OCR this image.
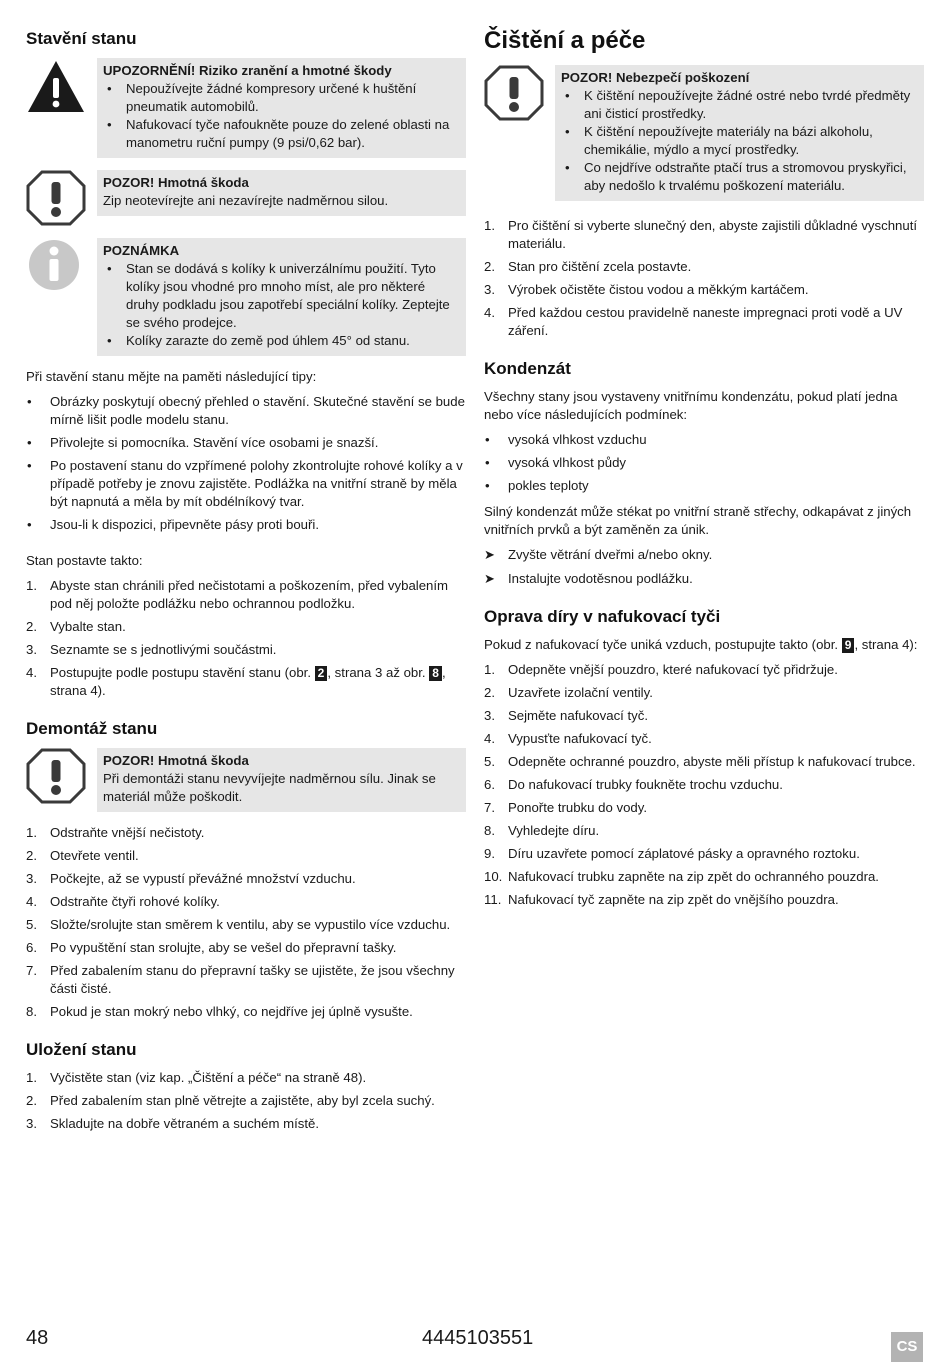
Stavění stanu
UPOZORNĚNÍ! Riziko zranění a hmotné škody
• Nepoužívejte žádné kompresory určené k huštění pneumatik automobilů.
• Nafukovací tyče nafoukněte pouze do zelené oblasti na manometru ruční pumpy (9 psi/0,62 bar).
POZOR! Hmotná škoda
Zip neotevírejte ani nezavírejte nadměrnou silou.
POZNÁMKA
• Stan se dodává s kolíky k univerzálnímu použití. Tyto kolíky jsou vhodné pro mnoho míst, ale pro některé druhy podkladu jsou zapotřebí speciální kolíky. Zeptejte se svého prodejce.
• Kolíky zarazte do země pod úhlem 45° od stanu.

Při stavění stanu mějte na paměti následující tipy:

• Obrázky poskytují obecný přehled o stavění. Skutečné stavění se bude mírně lišit podle modelu stanu.
• Přivolejte si pomocníka. Stavění více osobami je snazší.
• Po postavení stanu do vzpřímené polohy zkontrolujte rohové kolíky a v případě potřeby je znovu zajistěte. Podlážka na vnitřní straně by měla být napnutá a měla by mít obdélníkový tvar.
• Jsou-li k dispozici, připevněte pásy proti bouři.

Stan postavte takto:

1. Abyste stan chránili před nečistotami a poškozením, před vybalením pod něj položte podlážku nebo ochrannou podložku.
2. Vybalte stan.
3. Seznamte se s jednotlivými součástmi.
4. Postupujte podle postupu stavění stanu (obr. 2 , strana 3 až obr. 8 , strana 4).
Demontáž stanu
POZOR! Hmotná škoda
Při demontáži stanu nevyvíjejte nadměrnou sílu. Jinak se materiál může poškodit.
1. Odstraňte vnější nečistoty.
2. Otevřete ventil.
3. Počkejte, až se vypustí převážné množství vzduchu.
4. Odstraňte čtyři rohové kolíky.
5. Složte/srolujte stan směrem k ventilu, aby se vypustilo více vzduchu.
6. Po vypuštění stan srolujte, aby se vešel do přepravní tašky.
7. Před zabalením stanu do přepravní tašky se ujistěte, že jsou všechny části čisté.
8. Pokud je stan mokrý nebo vlhký, co nejdříve jej úplně vysušte.
Uložení stanu
1. Vyčistěte stan (viz kap. „Čištění a péče“ na straně 48).
2. Před zabalením stan plně větrejte a zajistěte, aby byl zcela suchý.
3. Skladujte na dobře větraném a suchém místě.
Čištění a péče
POZOR! Nebezpečí poškození
• K čištění nepoužívejte žádné ostré nebo tvrdé předměty ani čisticí prostředky.
• K čištění nepoužívejte materiály na bázi alkoholu, chemikálie, mýdlo a mycí prostředky.
• Co nejdříve odstraňte ptačí trus a stromovou pryskyřici, aby nedošlo k trvalému poškození materiálu.
1. Pro čištění si vyberte slunečný den, abyste zajistili důkladné vyschnutí materiálu.
2. Stan pro čištění zcela postavte.
3. Výrobek očistěte čistou vodou a měkkým kartáčem.
4. Před každou cestou pravidelně naneste impregnaci proti vodě a UV záření.
Kondenzát

Všechny stany jsou vystaveny vnitřnímu kondenzátu, pokud platí jedna nebo více následujících podmínek:

• vysoká vlhkost vzduchu
• vysoká vlhkost půdy
• pokles teploty

Silný kondenzát může stékat po vnitřní straně střechy, odkapávat z jiných vnitřních prvků a být zaměněn za únik.

➤ Zvyšte větrání dveřmi a/nebo okny.
➤ Instalujte vodotěsnou podlážku.
Oprava díry v nafukovací tyči

Pokud z nafukovací tyče uniká vzduch, postupujte takto (obr. 9 , strana 4):

1. Odepněte vnější pouzdro, které nafukovací tyč přidržuje.
2. Uzavřete izolační ventily.
3. Sejměte nafukovací tyč.
4. Vypusťte nafukovací tyč.
5. Odepněte ochranné pouzdro, abyste měli přístup k nafukovací trubce.
6. Do nafukovací trubky foukněte trochu vzduchu.
7. Ponořte trubku do vody.
8. Vyhledejte díru.
9. Díru uzavřete pomocí záplatové pásky a opravného roztoku.
10. Nafukovací trubku zapněte na zip zpět do ochranného pouzdra.
11. Nafukovací tyč zapněte na zip zpět do vnějšího pouzdra.
48	4445103551	CS
